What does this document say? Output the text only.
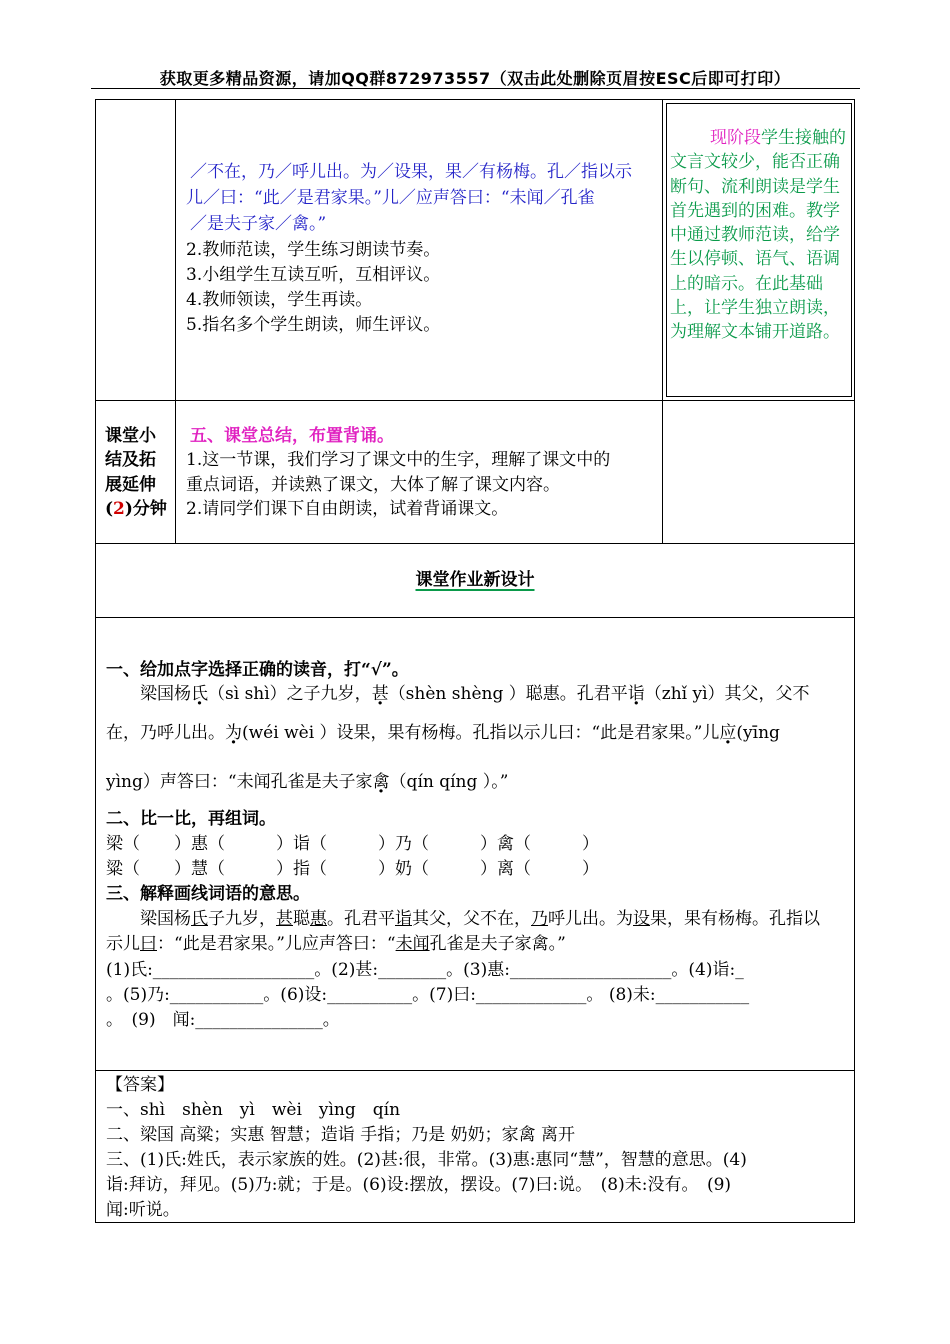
获取更多精品资源，请加QQ群872973557（双击此处删除页眉按ESC后即可打印）
／不在，乃／呼儿出。为／设果，果／有杨梅。孔／指以示
儿／曰：“此／是君家果。”儿／应声答曰：“未闻／孔雀
／是夫子家／禽。”
2.教师范读，学生练习朗读节奏。
3.小组学生互读互听，互相评议。
4.教师领读，学生再读。
5.指名多个学生朗读，师生评议。
现阶段学生接触的文言文较少，能否正确断句、流利朗读是学生首先遇到的困难。教学中通过教师范读，给学生以停顿、语气、语调上的暗示。在此基础上，让学生独立朗读，为理解文本铺开道路。
课堂小
结及拓
展延伸
(2)分钟
五、课堂总结，布置背诵。
1.这一节课，我们学习了课文中的生字，理解了课文中的
重点词语，并读熟了课文，大体了解了课文内容。
2.请同学们课下自由朗读，试着背诵课文。
课堂作业新设计
一、给加点字选择正确的读音，打“√”。
梁国杨氏（sì shì）之子九岁，甚（shèn shèng ）聪惠。孔君平诣（zhǐ yì）其父，父不
在，乃呼儿出。为(wéi wèi ）设果，果有杨梅。孔指以示儿曰：“此是君家果。”儿应(yīng
yìng）声答曰：“未闻孔雀是夫子家禽（qín qíng ）。”
二、比一比，再组词。
梁（　　）惠（　　　）诣（　　　）乃（　　　）禽（　　　）
粱（　　）慧（　　　）指（　　　）奶（　　　）离（　　　）
三、解释画线词语的意思。
梁国杨氏子九岁，甚聪惠。孔君平诣其父，父不在，乃呼儿出。为设果，果有杨梅。孔指以
示儿曰：“此是君家果。”儿应声答曰：“未闻孔雀是夫子家禽。”
(1)氏:___________________。(2)甚:________。(3)惠:___________________。(4)诣:_
。(5)乃:___________。(6)设:__________。(7)曰:_____________。 (8)未:___________
。　(9)　闻:_______________。
【答案】
一、shì　shèn　yì　wèi　yìng　qín
二、梁国 高粱；实惠 智慧；造诣 手指；乃是 奶奶；家禽 离开
三、(1)氏:姓氏，表示家族的姓。(2)甚:很，非常。(3)惠:惠同“慧”，智慧的意思。(4)
诣:拜访，拜见。(5)乃:就；于是。(6)设:摆放，摆设。(7)曰:说。　(8)未:没有。　(9)
闻:听说。
